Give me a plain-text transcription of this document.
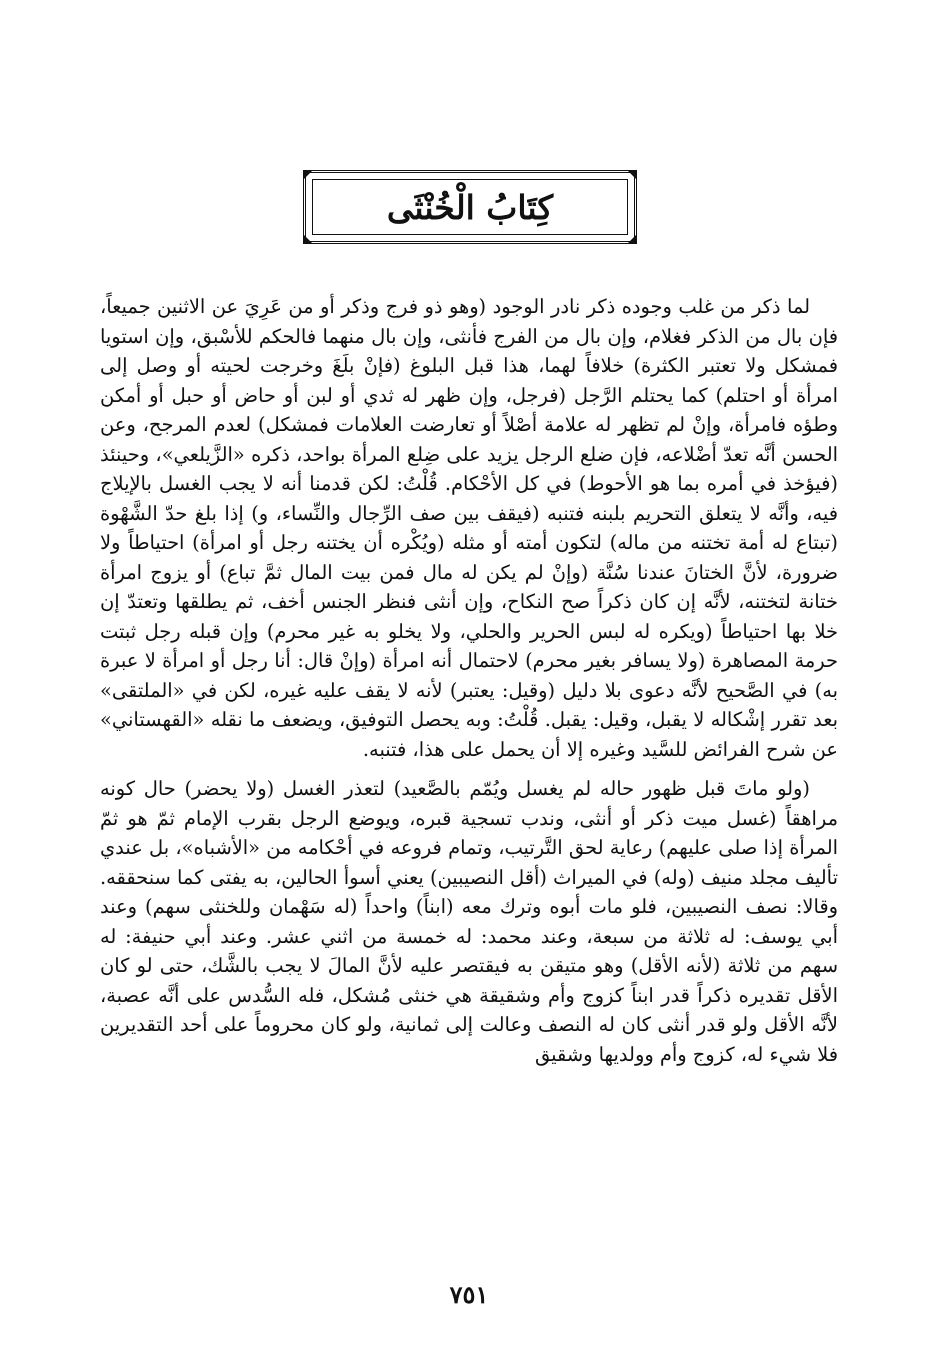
كِتَابُ الْخُنْثَى

لما ذكر من غلب وجوده ذكر نادر الوجود (وهو ذو فرج وذكر أو من عَرِيَ عن الاثنين جميعاً، فإن بال من الذكر فغلام، وإن بال من الفرج فأنثى، وإن بال منهما فالحكم للأسْبق، وإن استويا فمشكل ولا تعتبر الكثرة) خلافاً لهما، هذا قبل البلوغ (فإنْ بلَغَ وخرجت لحيته أو وصل إلى امرأة أو احتلم) كما يحتلم الرَّجل (فرجل، وإن ظهر له ثدي أو لبن أو حاض أو حبل أو أمكن وطؤه فامرأة، وإنْ لم تظهر له علامة أصْلاً أو تعارضت العلامات فمشكل) لعدم المرجح، وعن الحسن أنَّه تعدّ أضْلاعه، فإن ضلع الرجل يزيد على ضِلع المرأة بواحد، ذكره «الزَّيلعي»، وحينئذ (فيؤخذ في أمره بما هو الأحوط) في كل الأحْكام. قُلْتُ: لكن قدمنا أنه لا يجب الغسل بالإيلاج فيه، وأنَّه لا يتعلق التحريم بلبنه فتنبه (فيقف بين صف الرِّجال والنِّساء، و) إذا بلغ حدّ الشَّهْوة (تبتاع له أمة تختنه من ماله) لتكون أمته أو مثله (ويُكْره أن يختنه رجل أو امرأة) احتياطاً ولا ضرورة، لأنَّ الختانَ عندنا سُنَّة (وإنْ لم يكن له مال فمن بيت المال ثمَّ تباع) أو يزوج امرأة ختانة لتختنه، لأنَّه إن كان ذكراً صح النكاح، وإن أنثى فنظر الجنس أخف، ثم يطلقها وتعتدّ إن خلا بها احتياطاً (ويكره له لبس الحرير والحلي، ولا يخلو به غير محرم) وإن قبله رجل ثبتت حرمة المصاهرة (ولا يسافر بغير محرم) لاحتمال أنه امرأة (وإنْ قال: أنا رجل أو امرأة لا عبرة به) في الصَّحيح لأنَّه دعوى بلا دليل (وقيل: يعتبر) لأنه لا يقف عليه غيره، لكن في «الملتقى» بعد تقرر إشْكاله لا يقبل، وقيل: يقبل. قُلْتُ: وبه يحصل التوفيق، ويضعف ما نقله «القهستاني» عن شرح الفرائض للسَّيد وغيره إلا أن يحمل على هذا، فتنبه.

(ولو ماتَ قبل ظهور حاله لم يغسل ويُمّم بالصَّعيد) لتعذر الغسل (ولا يحضر) حال كونه مراهقاً (غسل ميت ذكر أو أنثى، وندب تسجية قبره، ويوضع الرجل بقرب الإمام ثمّ هو ثمّ المرأة إذا صلى عليهم) رعاية لحق التَّرتيب، وتمام فروعه في أحْكامه من «الأشباه»، بل عندي تأليف مجلد منيف (وله) في الميراث (أقل النصيبين) يعني أسوأ الحالين، به يفتى كما سنحققه. وقالا: نصف النصيبين، فلو مات أبوه وترك معه (ابناً) واحداً (له سَهْمان وللخنثى سهم) وعند أبي يوسف: له ثلاثة من سبعة، وعند محمد: له خمسة من اثني عشر. وعند أبي حنيفة: له سهم من ثلاثة (لأنه الأقل) وهو متيقن به فيقتصر عليه لأنَّ المالَ لا يجب بالشَّك، حتى لو كان الأقل تقديره ذكراً قدر ابناً كزوج وأم وشقيقة هي خنثى مُشكل، فله السُّدس على أنَّه عصبة، لأنَّه الأقل ولو قدر أنثى كان له النصف وعالت إلى ثمانية، ولو كان محروماً على أحد التقديرين فلا شيء له، كزوج وأم وولديها وشقيق

٧٥١
